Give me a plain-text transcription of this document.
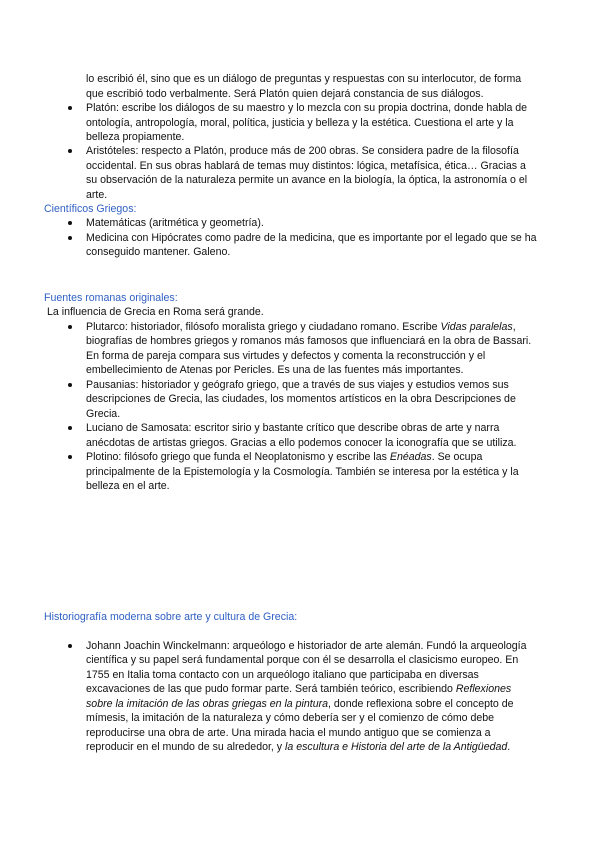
lo escribió él, sino que es un diálogo de preguntas y respuestas con su interlocutor, de forma
que escribió todo verbalmente. Será Platón quien dejará constancia de sus diálogos.
Platón: escribe los diálogos de su maestro y lo mezcla con su propia doctrina, donde habla de
ontología, antropología, moral, política, justicia y belleza y la estética. Cuestiona el arte y la
belleza propiamente.
Aristóteles: respecto a Platón, produce más de 200 obras. Se considera padre de la filosofía
occidental. En sus obras hablará de temas muy distintos: lógica, metafísica, ética… Gracias a
su observación de la naturaleza permite un avance en la biología, la óptica, la astronomía o el
arte.
Científicos Griegos:
Matemáticas (aritmética y geometría).
Medicina con Hipócrates como padre de la medicina, que es importante por el legado que se ha
conseguido mantener. Galeno.
Fuentes romanas originales:
La influencia de Grecia en Roma será grande.
Plutarco: historiador, filósofo moralista griego y ciudadano romano. Escribe Vidas paralelas,
biografías de hombres griegos y romanos más famosos que influenciará en la obra de Bassari.
En forma de pareja compara sus virtudes y defectos y comenta la reconstrucción y el
embellecimiento de Atenas por Pericles. Es una de las fuentes más importantes.
Pausanias: historiador y geógrafo griego, que a través de sus viajes y estudios vemos sus
descripciones de Grecia, las ciudades, los momentos artísticos en la obra Descripciones de
Grecia.
Luciano de Samosata: escritor sirio y bastante crítico que describe obras de arte y narra
anécdotas de artistas griegos. Gracias a ello podemos conocer la iconografía que se utiliza.
Plotino: filósofo griego que funda el Neoplatonismo y escribe las Enéadas. Se ocupa
principalmente de la Epistemología y la Cosmología. También se interesa por la estética y la
belleza en el arte.
Historiografía moderna sobre arte y cultura de Grecia:
Johann Joachin Winckelmann: arqueólogo e historiador de arte alemán. Fundó la arqueología
científica y su papel será fundamental porque con él se desarrolla el clasicismo europeo. En
1755 en Italia toma contacto con un arqueólogo italiano que participaba en diversas
excavaciones de las que pudo formar parte. Será también teórico, escribiendo Reflexiones
sobre la imitación de las obras griegas en la pintura, donde reflexiona sobre el concepto de
mímesis, la imitación de la naturaleza y cómo debería ser y el comienzo de cómo debe
reproducirse una obra de arte. Una mirada hacia el mundo antiguo que se comienza a
reproducir en el mundo de su alrededor, y la escultura e Historia del arte de la Antigüedad.
